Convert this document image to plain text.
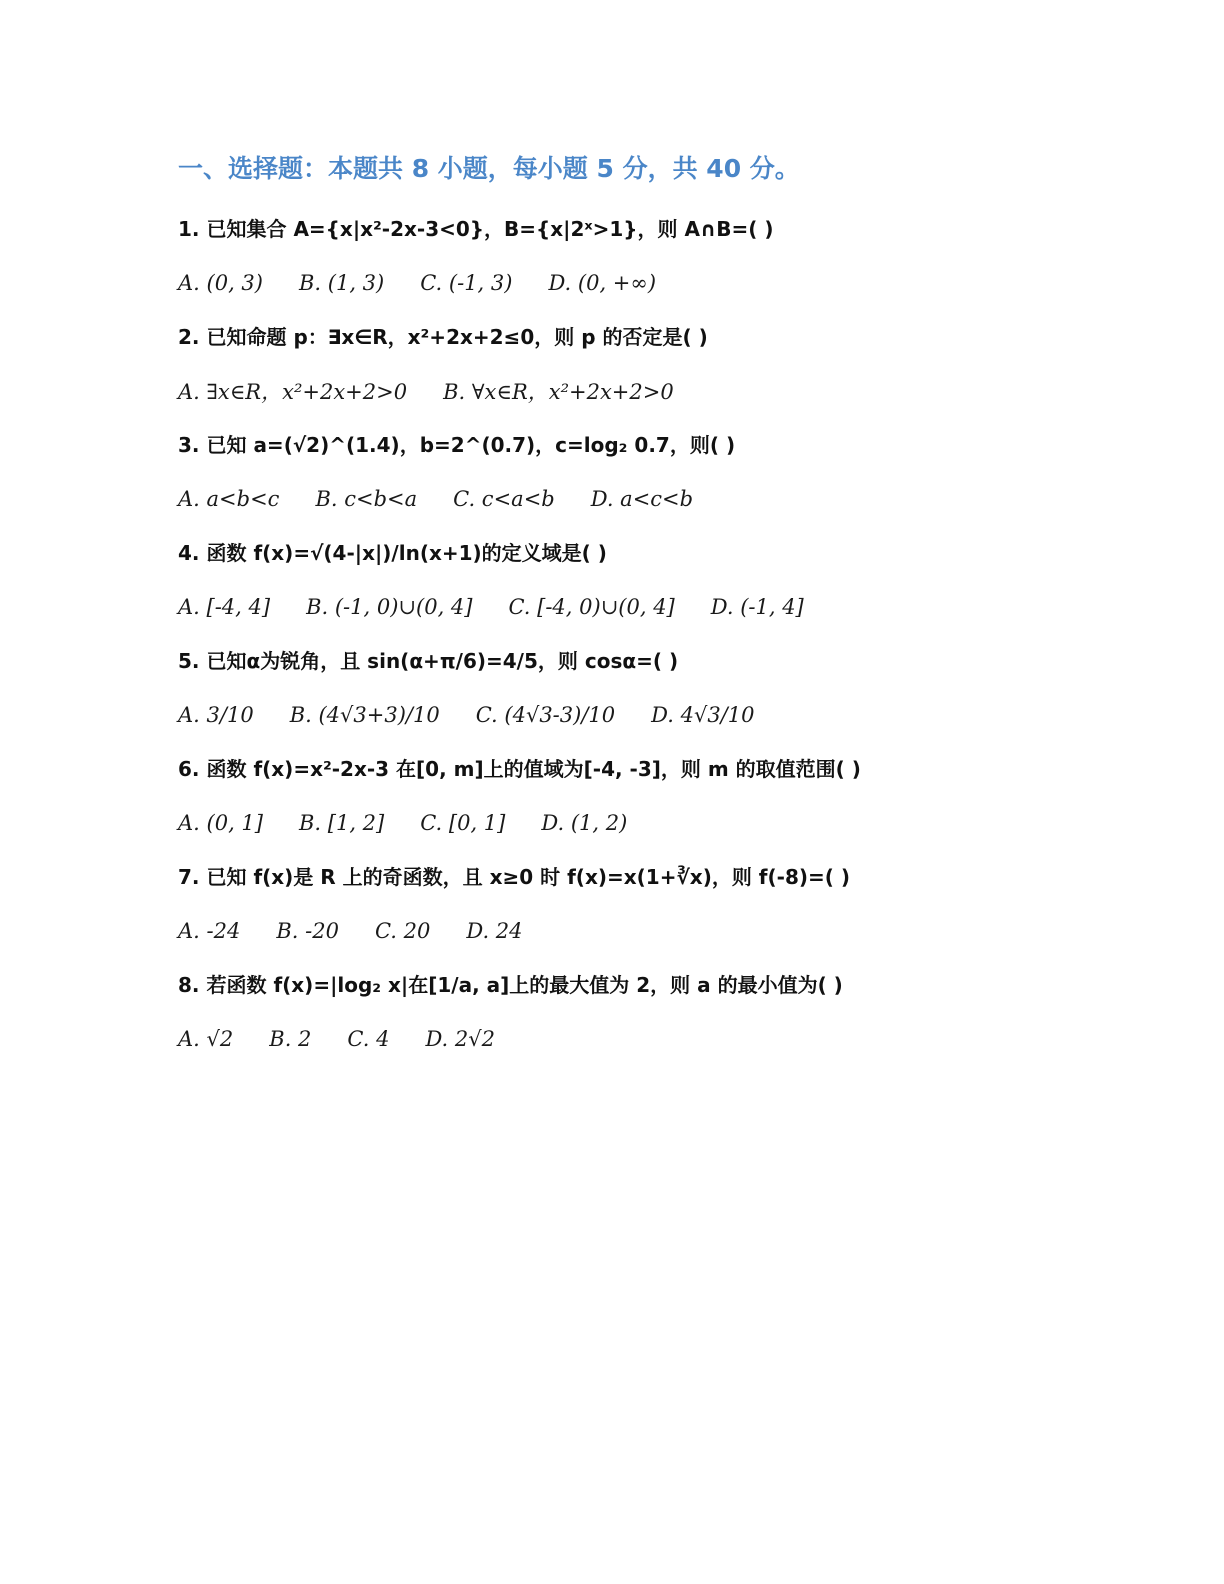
一、选择题：本题共 8 小题，每小题 5 分，共 40 分。
1. 已知集合 A={x|x²-2x-3<0}，B={x|2ˣ>1}，则 A∩B=( )
A. (0, 3) B. (1, 3) C. (-1, 3) D. (0, +∞)
2. 已知命题 p：∃x∈R，x²+2x+2≤0，则 p 的否定是( )
A. ∃x∈R，x²+2x+2>0 B. ∀x∈R，x²+2x+2>0
3. 已知 a=(√2)^(1.4)，b=2^(0.7)，c=log₂ 0.7，则( )
A. a<b<c B. c<b<a C. c<a<b D. a<c<b
4. 函数 f(x)=√(4-|x|)/ln(x+1)的定义域是( )
A. [-4, 4] B. (-1, 0)∪(0, 4] C. [-4, 0)∪(0, 4] D. (-1, 4]
5. 已知α为锐角，且 sin(α+π/6)=4/5，则 cosα=( )
A. 3/10 B. (4√3+3)/10 C. (4√3-3)/10 D. 4√3/10
6. 函数 f(x)=x²-2x-3 在[0, m]上的值域为[-4, -3]，则 m 的取值范围( )
A. (0, 1] B. [1, 2] C. [0, 1] D. (1, 2)
7. 已知 f(x)是 R 上的奇函数，且 x≥0 时 f(x)=x(1+∛x)，则 f(-8)=( )
A. -24 B. -20 C. 20 D. 24
8. 若函数 f(x)=|log₂ x|在[1/a, a]上的最大值为 2，则 a 的最小值为( )
A. √2 B. 2 C. 4 D. 2√2
